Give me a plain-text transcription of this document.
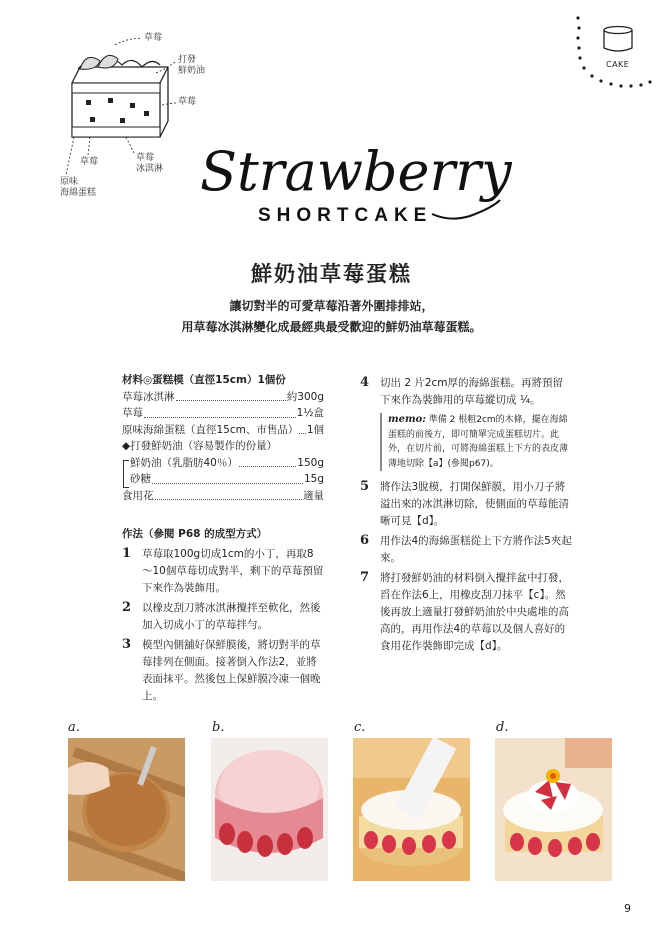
CAKE
草莓
打發
鮮奶油
草莓
草莓	草莓
冰淇淋
原味
海綿蛋糕 Strawberry
SHORTCAKE
鮮奶油草莓蛋糕
讓切對半的可愛草莓沿著外圍排排站，
用草莓冰淇淋變化成最經典最受歡迎的鮮奶油草莓蛋糕。
材料◎蛋糕模（直徑15cm）1個份
草莓冰淇淋	約300g
草莓	1½盒
原味海綿蛋糕（直徑15cm、市售品） 1個
◆打發鮮奶油（容易製作的份量）
鮮奶油（乳脂肪40％）	150g
砂糖	15g
食用花	適量
作法（參閱 P68 的成型方式）
1	草莓取100g切成1cm的小丁，再取8～10個草莓切成對半，剩下的草莓預留下來作為裝飾用。
2	以橡皮刮刀將冰淇淋攪拌至軟化，然後加入切成小丁的草莓拌勻。
3	模型內側舖好保鮮膜後，將切對半的草莓排列在側面。接著倒入作法2，並將表面抹平。然後包上保鮮膜冷凍一個晚上。
4	切出 2 片2cm厚的海綿蛋糕。再將預留下來作為裝飾用的草莓縱切成 ¼。
memo: 準備 2 根粗2cm的木條，擺在海綿蛋糕的前後方，即可簡單完成蛋糕切片。此外，在切片前，可將海綿蛋糕上下方的表皮薄薄地切除【a】(參閱p67)。
5	將作法3脫模，打開保鮮膜，用小刀子將溢出來的冰淇淋切除，使側面的草莓能清晰可見【d】。
6	用作法4的海綿蛋糕從上下方將作法5夾起來。
7	將打發鮮奶油的材料倒入攪拌盆中打發，舀在作法6上，用橡皮刮刀抹平【c】。然後再放上適量打發鮮奶油於中央處堆的高高的，再用作法4的草莓以及個人喜好的食用花作裝飾即完成【d】。
a.	b.	c.	d.
9
